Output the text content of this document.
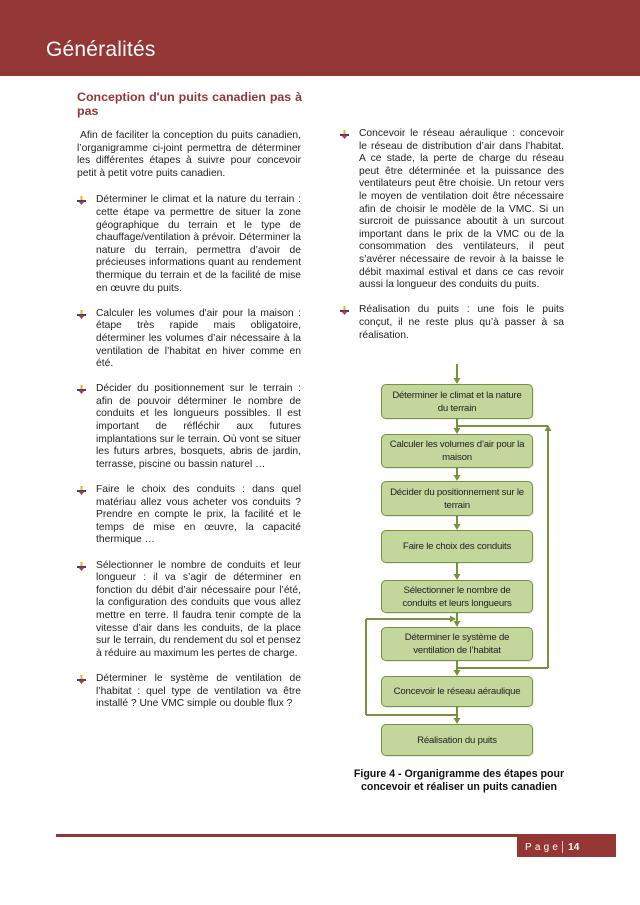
Généralités
Conception d'un puits canadien pas à pas

Afin de faciliter la conception du puits canadien, l’organigramme ci-joint permettra de déterminer les différentes étapes à suivre pour concevoir petit à petit votre puits canadien.

Déterminer le climat et la nature du terrain : cette étape va permettre de situer la zone géographique du terrain et le type de chauffage/ventilation à prévoir. Déterminer la nature du terrain, permettra d’avoir de précieuses informations quant au rendement thermique du terrain et de la facilité de mise en œuvre du puits.
Calculer les volumes d'air pour la maison : étape très rapide mais obligatoire, déterminer les volumes d’air nécessaire à la ventilation de l’habitat en hiver comme en été.
Décider du positionnement sur le terrain : afin de pouvoir déterminer le nombre de conduits et les longueurs possibles. Il est important de réfléchir aux futures implantations sur le terrain. Où vont se situer les futurs arbres, bosquets, abris de jardin, terrasse, piscine ou bassin naturel …
Faire le choix des conduits : dans quel matériau allez vous acheter vos conduits ? Prendre en compte le prix, la facilité et le temps de mise en œuvre, la capacité thermique …
Sélectionner le nombre de conduits et leur longueur : il va s’agir de déterminer en fonction du débit d’air nécessaire pour l’été, la configuration des conduits que vous allez mettre en terre. Il faudra tenir compte de la vitesse d’air dans les conduits, de la place sur le terrain, du rendement du sol et pensez à réduire au maximum les pertes de charge.
Déterminer le système de ventilation de l’habitat : quel type de ventilation va être installé ? Une VMC simple ou double flux ?
Concevoir le réseau aéraulique : concevoir le réseau de distribution d’air dans l’habitat. A ce stade, la perte de charge du réseau peut être déterminée et la puissance des ventilateurs peut être choisie. Un retour vers le moyen de ventilation doit être nécessaire afin de choisir le modèle de la VMC. Si un surcroit de puissance aboutit à un surcout important dans le prix de la VMC ou de la consommation des ventilateurs, il peut s’avérer nécessaire de revoir à la baisse le débit maximal estival et dans ce cas revoir aussi la longueur des conduits du puits.
Réalisation du puits : une fois le puits conçut, il ne reste plus qu’à passer à sa réalisation.
Déterminer le climat et la nature du terrain
Calculer les volumes d’air pour la maison
Décider du positionnement sur le terrain
Faire le choix des conduits
Sélectionner le nombre de conduits et leurs longueurs
Déterminer le système de ventilation de l’habitat
Concevoir le réseau aéraulique
Réalisation du puits
Figure 4 - Organigramme des étapes pour concevoir et réaliser un puits canadien
Page 14
